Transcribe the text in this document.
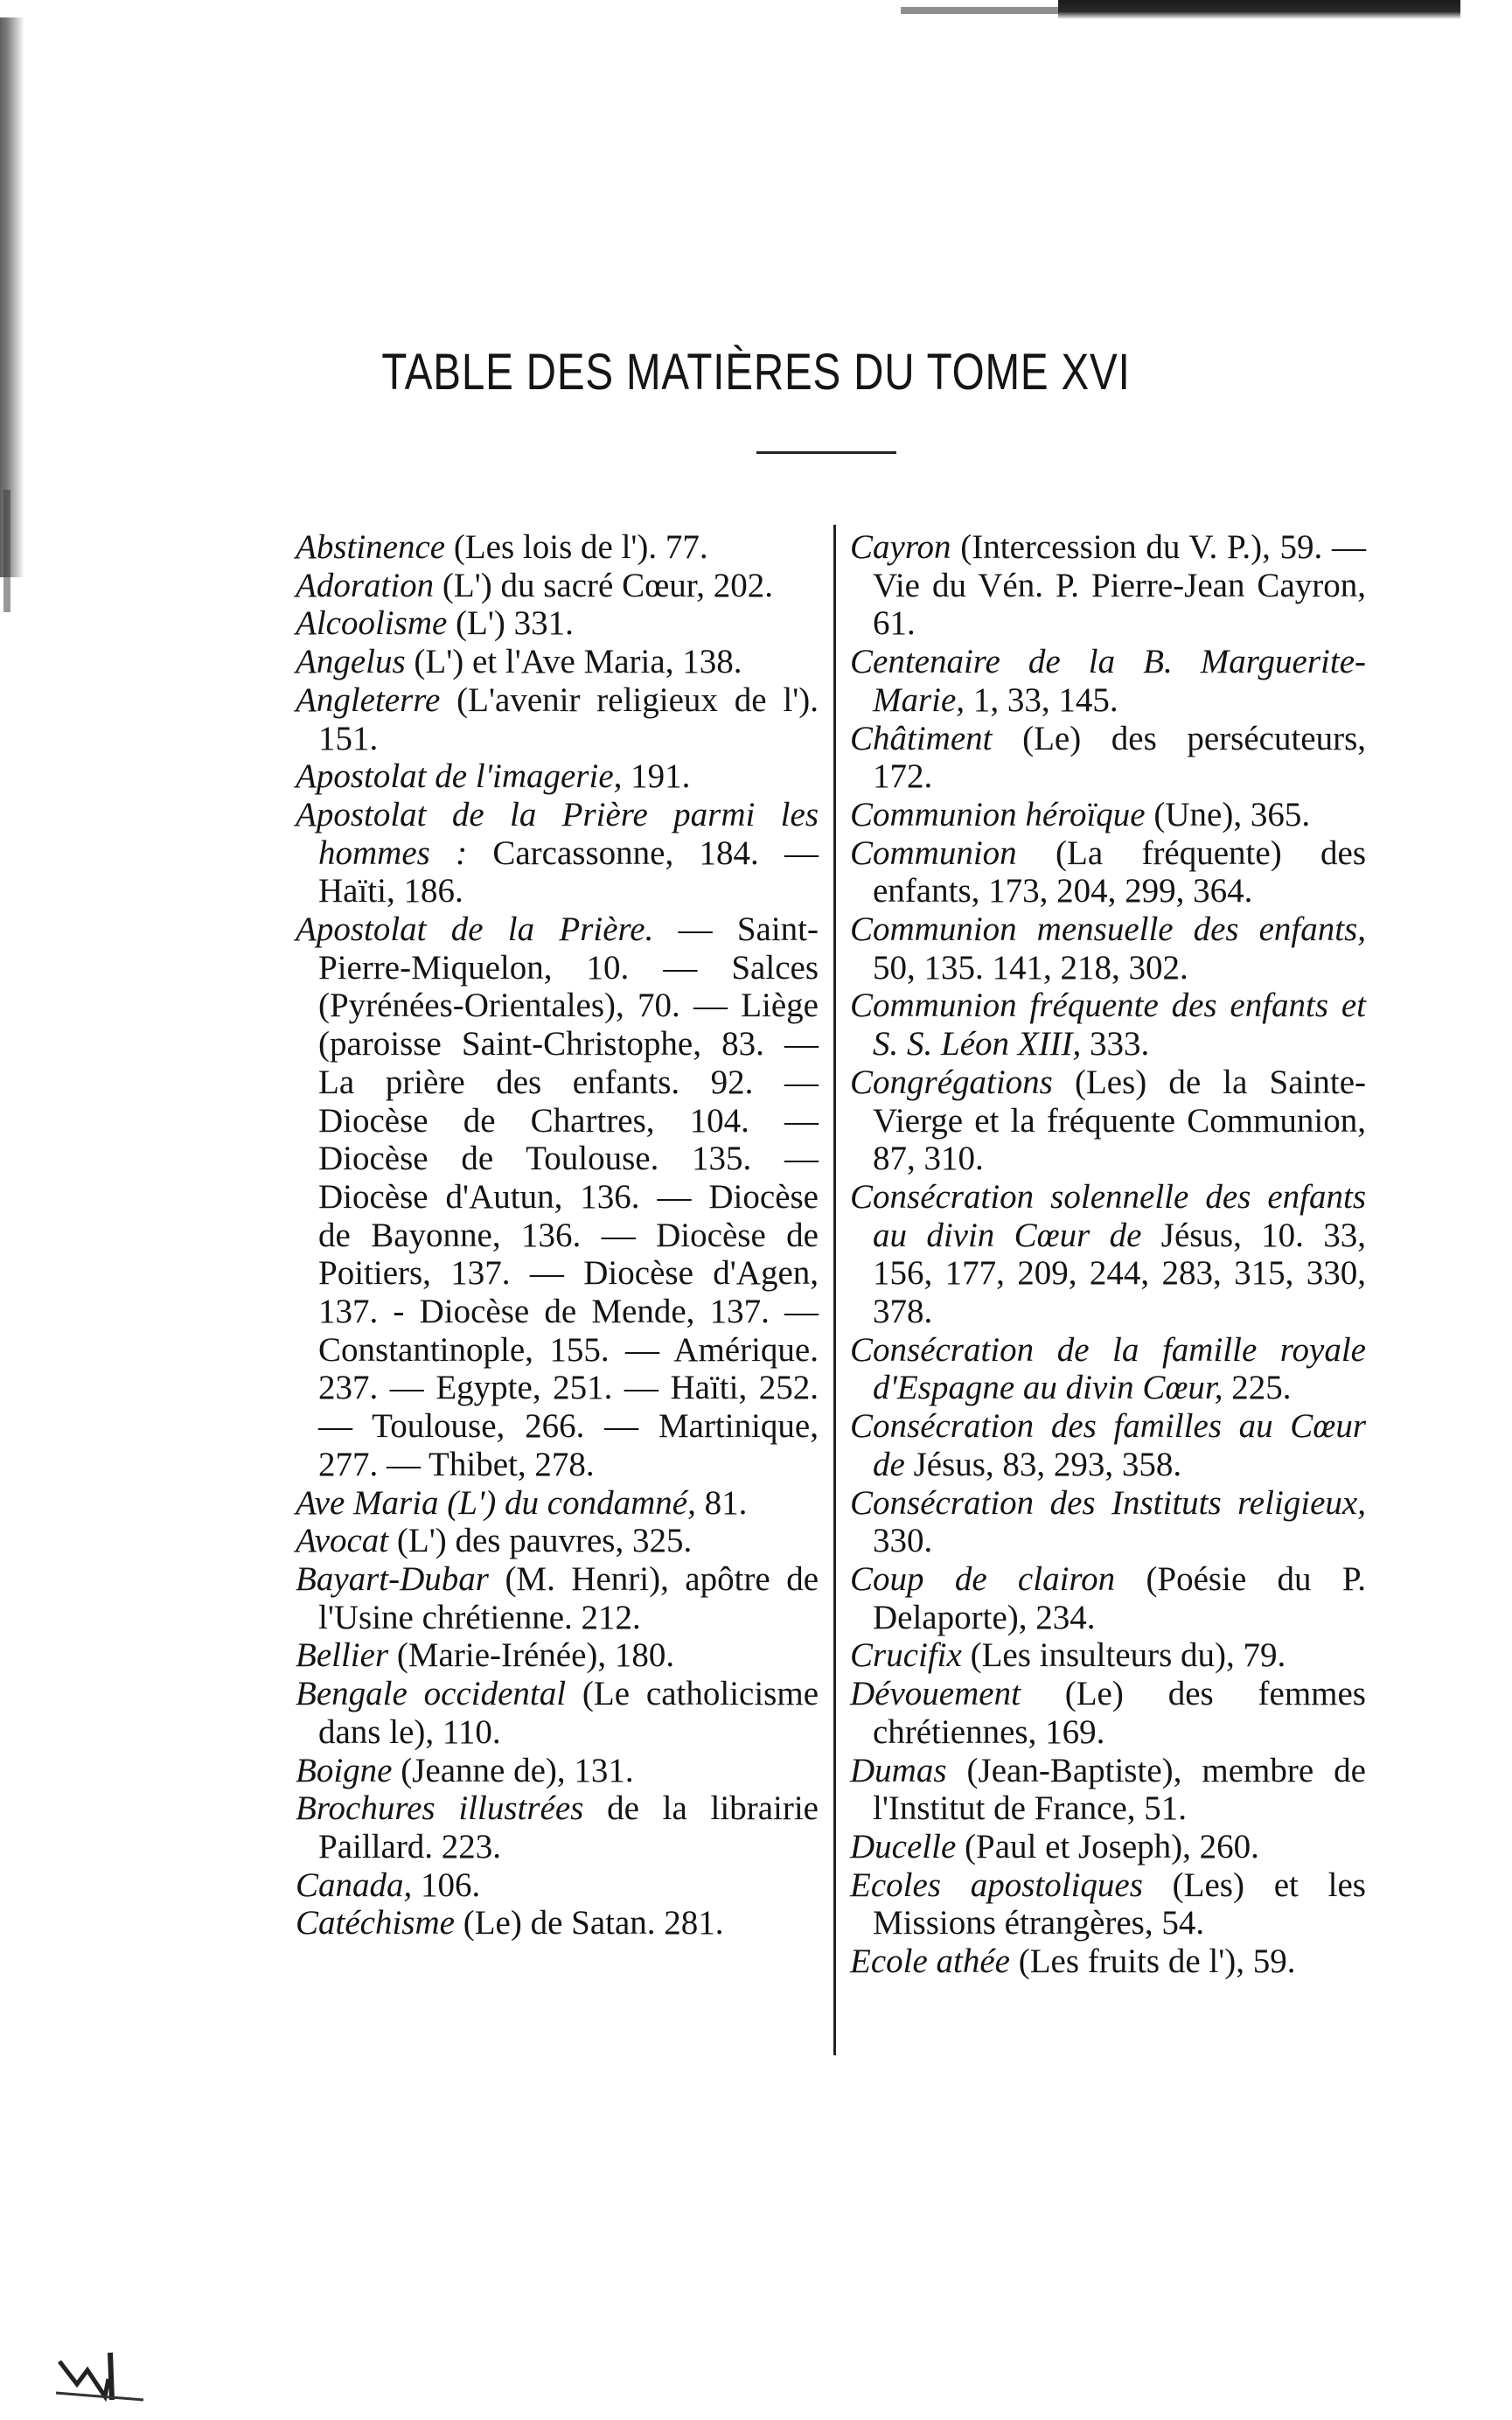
TABLE DES MATIÈRES DU TOME XVI
Abstinence (Les lois de l'). 77.
Adoration (L') du sacré Cœur, 202.
Alcoolisme (L') 331.
Angelus (L') et l'Ave Maria, 138.
Angleterre (L'avenir religieux de l'). 151.
Apostolat de l'imagerie, 191.
Apostolat de la Prière parmi les hommes : Carcassonne, 184. — Haïti, 186.
Apostolat de la Prière. — Saint-Pierre-Miquelon, 10. — Salces (Pyrénées-Orientales), 70. — Liège (paroisse Saint-Christophe, 83. — La prière des enfants. 92. — Diocèse de Chartres, 104. — Diocèse de Toulouse. 135. — Diocèse d'Autun, 136. — Diocèse de Bayonne, 136. — Diocèse de Poitiers, 137. — Diocèse d'Agen, 137. - Diocèse de Mende, 137. — Constantinople, 155. — Amérique. 237. — Egypte, 251. — Haïti, 252. — Toulouse, 266. — Martinique, 277. — Thibet, 278.
Ave Maria (L') du condamné, 81.
Avocat (L') des pauvres, 325.
Bayart-Dubar (M. Henri), apôtre de l'Usine chrétienne. 212.
Bellier (Marie-Irénée), 180.
Bengale occidental (Le catholicisme dans le), 110.
Boigne (Jeanne de), 131.
Brochures illustrées de la librairie Paillard. 223.
Canada, 106.
Catéchisme (Le) de Satan. 281.
Cayron (Intercession du V. P.), 59. — Vie du Vén. P. Pierre-Jean Cayron, 61.
Centenaire de la B. Marguerite-Marie, 1, 33, 145.
Châtiment (Le) des persécuteurs, 172.
Communion héroïque (Une), 365.
Communion (La fréquente) des enfants, 173, 204, 299, 364.
Communion mensuelle des enfants, 50, 135. 141, 218, 302.
Communion fréquente des enfants et S. S. Léon XIII, 333.
Congrégations (Les) de la Sainte-Vierge et la fréquente Communion, 87, 310.
Consécration solennelle des enfants au divin Cœur de Jésus, 10. 33, 156, 177, 209, 244, 283, 315, 330, 378.
Consécration de la famille royale d'Espagne au divin Cœur, 225.
Consécration des familles au Cœur de Jésus, 83, 293, 358.
Consécration des Instituts religieux, 330.
Coup de clairon (Poésie du P. Delaporte), 234.
Crucifix (Les insulteurs du), 79.
Dévouement (Le) des femmes chrétiennes, 169.
Dumas (Jean-Baptiste), membre de l'Institut de France, 51.
Ducelle (Paul et Joseph), 260.
Ecoles apostoliques (Les) et les Missions étrangères, 54.
Ecole athée (Les fruits de l'), 59.
